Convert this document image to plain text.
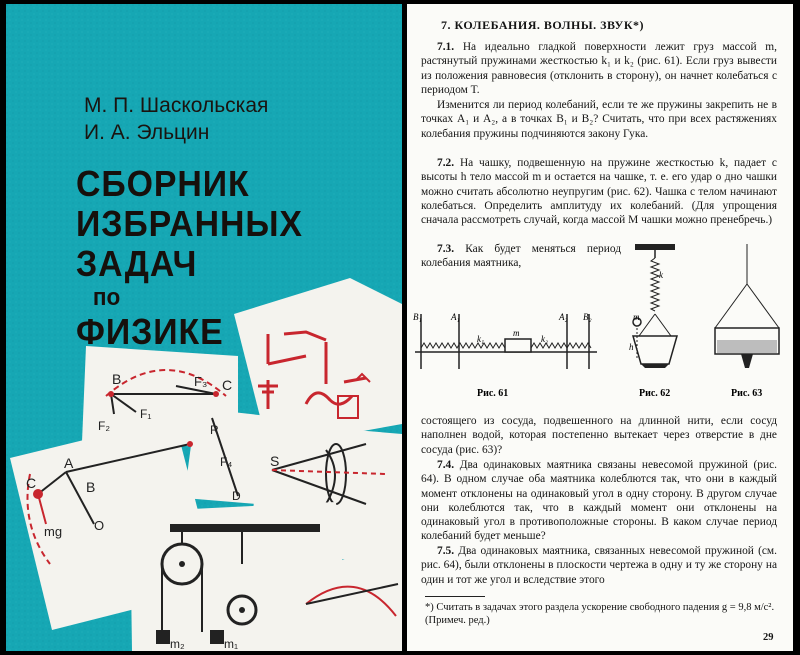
М. П. Шаскольская
И. А. Эльцин
СБОРНИК
ИЗБРАННЫХ
ЗАДАЧ
по
ФИЗИКЕ
B	F₃ C
F₂
F₁
R
F₄
D
S
A
B
C
O
mg
m₂	m₁
7. КОЛЕБАНИЯ. ВОЛНЫ. ЗВУК*)

7.1. На идеально гладкой поверхности лежит груз массой m, растянутый пружинами жесткостью k₁ и k₂ (рис. 61). Если груз вывести из положения равновесия (отклонить в сторону), он начнет колебаться с периодом T.

Изменится ли период колебаний, если те же пружины закрепить не в точках A₁ и A₂, а в точках B₁ и B₂? Считать, что при всех растяжениях колебания пружины подчиняются закону Гука.

7.2. На чашку, подвешенную на пружине жесткостью k, падает с высоты h тело массой m и остается на чашке, т. е. его удар о дно чашки можно считать абсолютно неупругим (рис. 62). Чашка с телом начинают колебаться. Определить амплитуду их колебаний. (Для упрощения сначала рассмотреть случай, когда массой M чашки можно пренебречь.)

7.3. Как будет меняться период колебания маятника,

B₁	A₁	A₂ B₂
k₁
m
k₂
Рис. 61
k
m
h
Рис. 62	Рис. 63

состоящего из сосуда, подвешенного на длинной нити, если сосуд наполнен водой, которая постепенно вытекает через отверстие в дне сосуда (рис. 63)?

7.4. Два одинаковых маятника связаны невесомой пружиной (рис. 64). В одном случае оба маятника колеблются так, что они в каждый момент отклонены на одинаковый угол в одну сторону. В другом случае они колеблются так, что в каждый момент они отклонены на одинаковый угол в противоположные стороны. В каком случае период колебаний будет меньше?

7.5. Два одинаковых маятника, связанных невесомой пружиной (см. рис. 64), были отклонены в плоскости чертежа в одну и ту же сторону на один и тот же угол и вследствие этого

*) Считать в задачах этого раздела ускорение свободного падения g = 9,8 м/с². (Примеч. ред.)

29
